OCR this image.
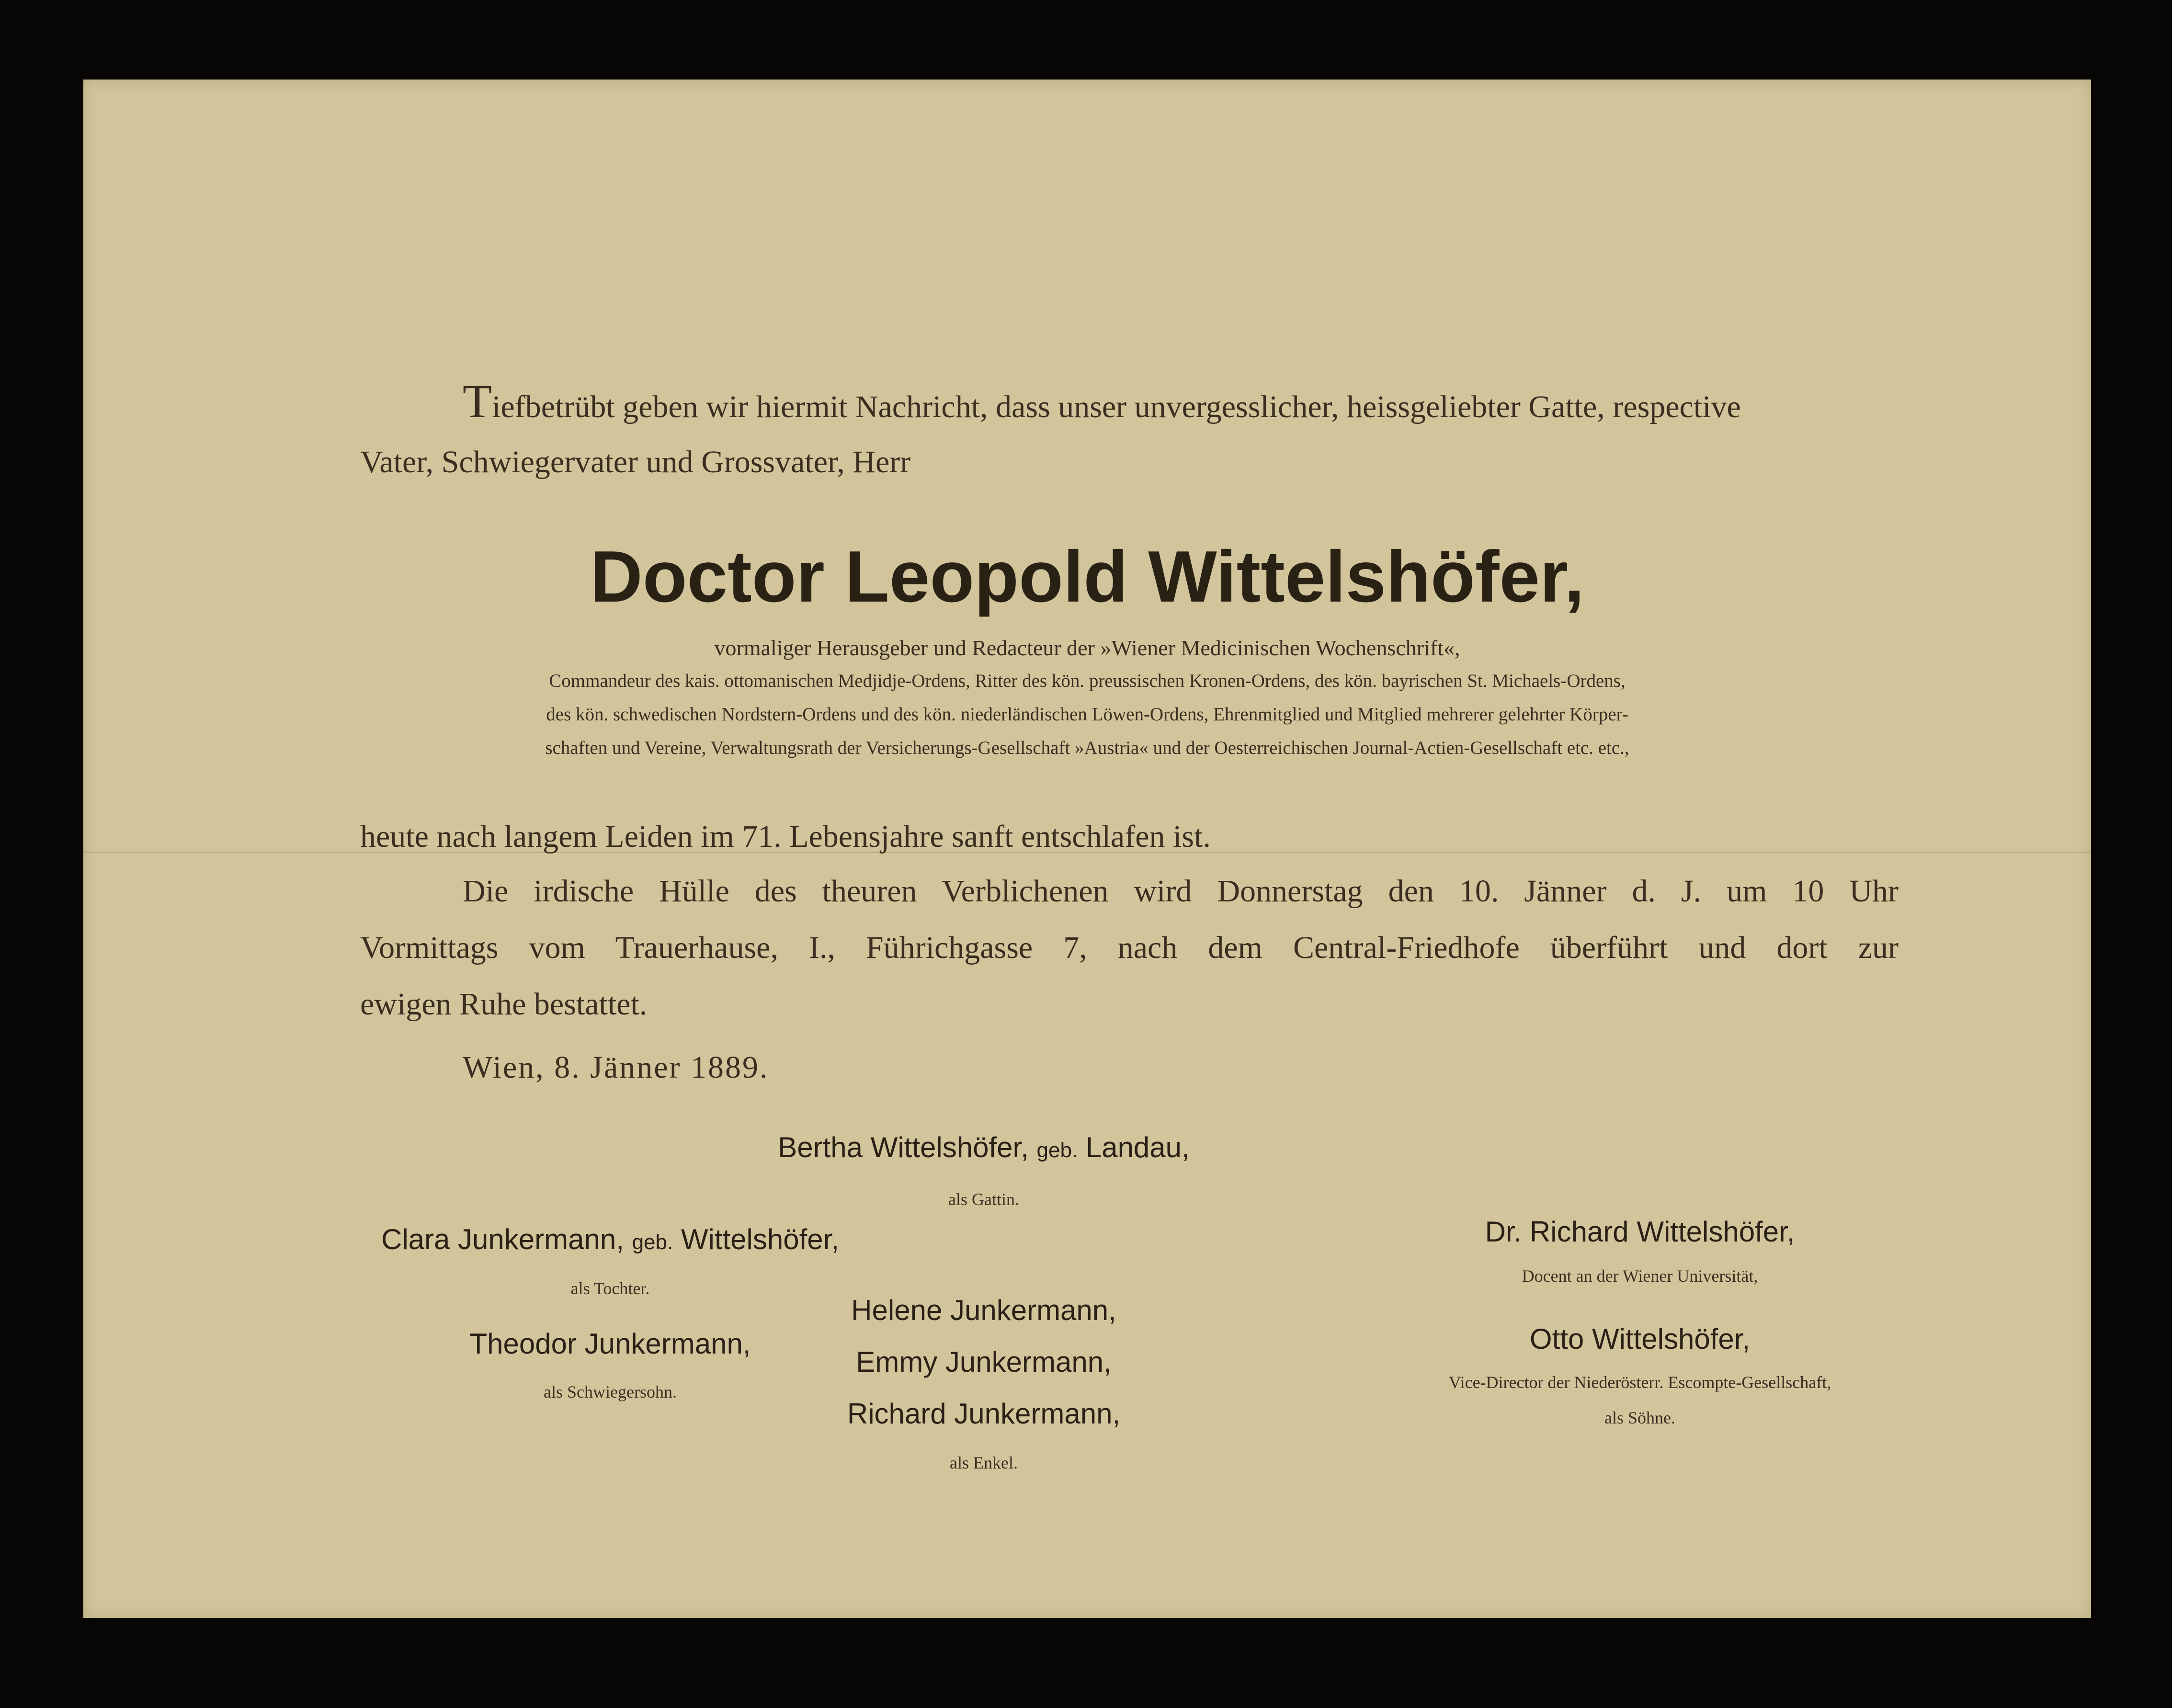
Tiefbetrübt geben wir hiermit Nachricht, dass unser unvergesslicher, heissgeliebter Gatte, respective
Vater, Schwiegervater und Grossvater, Herr
Doctor Leopold Wittelshöfer,
vormaliger Herausgeber und Redacteur der »Wiener Medicinischen Wochenschrift«,
Commandeur des kais. ottomanischen Medjidje-Ordens, Ritter des kön. preussischen Kronen-Ordens, des kön. bayrischen St. Michaels-Ordens,
des kön. schwedischen Nordstern-Ordens und des kön. niederländischen Löwen-Ordens, Ehrenmitglied und Mitglied mehrerer gelehrter Körper-
schaften und Vereine, Verwaltungsrath der Versicherungs-Gesellschaft »Austria« und der Oesterreichischen Journal-Actien-Gesellschaft etc. etc.,
heute nach langem Leiden im 71. Lebensjahre sanft entschlafen ist.
Die irdische Hülle des theuren Verblichenen wird Donnerstag den 10. Jänner d. J. um 10 Uhr
Vormittags vom Trauerhause, I., Führichgasse 7, nach dem Central-Friedhofe überführt und dort zur
ewigen Ruhe bestattet.
Wien, 8. Jänner 1889.
Bertha Wittelshöfer, geb. Landau,
als Gattin.
Clara Junkermann, geb. Wittelshöfer,
als Tochter.
Theodor Junkermann,
als Schwiegersohn.
Helene Junkermann,
Emmy Junkermann,
Richard Junkermann,
als Enkel.
Dr. Richard Wittelshöfer,
Docent an der Wiener Universität,
Otto Wittelshöfer,
Vice-Director der Niederösterr. Escompte-Gesellschaft,
als Söhne.
